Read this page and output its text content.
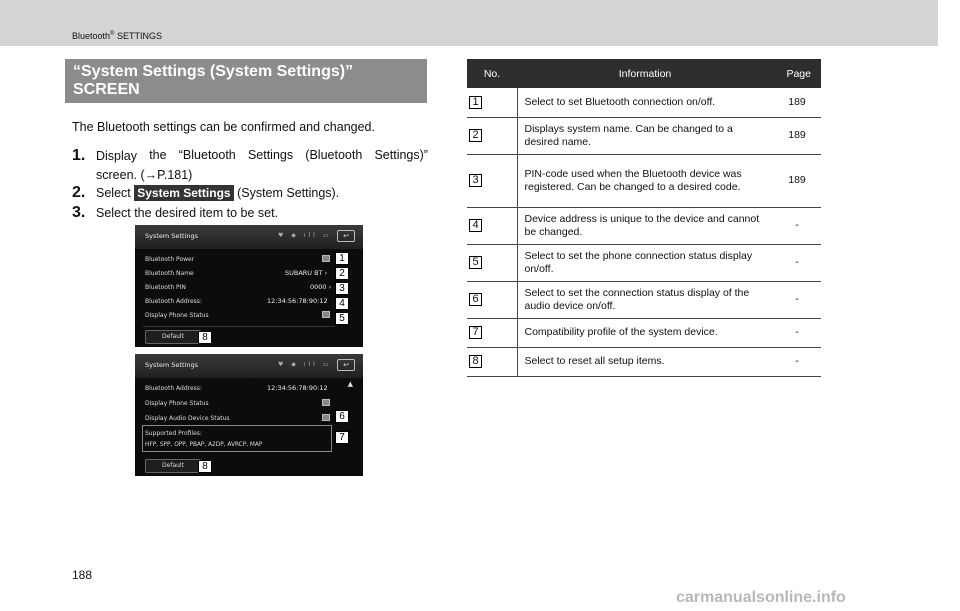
Bluetooth® SETTINGS
“System Settings (System Settings)”
SCREEN
The Bluetooth settings can be confirmed and changed.
1. Display the “Bluetooth Settings (Bluetooth Settings)”
screen. (→P.181)
2. Select System Settings (System Settings).
3. Select the desired item to be set.
System Settings	♥ ◆ ıll ▭	↩
Bluetooth Power
Bluetooth Name	SUBARU BT ›
Bluetooth PIN	0000 ›
Bluetooth Address:	12:34:56:78:90:12
Display Phone Status
Default
1
2
3
4
5
8
System Settings	♥ ◆ ıll ▭	↩
▲
Bluetooth Address:	12:34:56:78:90:12
Display Phone Status
Display Audio Device Status
Supported Profiles:
HFP, SPP, OPP, PBAP, A2DP, AVRCP, MAP
Default
6
7
8
No.	Information	Page
1	Select to set Bluetooth connection on/off.	189
2	Displays system name. Can be changed to a desired name.	189
3	PIN-code used when the Bluetooth device was registered. Can be changed to a desired code.	189
4	Device address is unique to the device and cannot be changed.	-
5	Select to set the phone connection status display on/off.	-
6	Select to set the connection status display of the audio device on/off.	-
7	Compatibility profile of the system device.	-
8	Select to reset all setup items.	-
188
carmanualsonline.info
